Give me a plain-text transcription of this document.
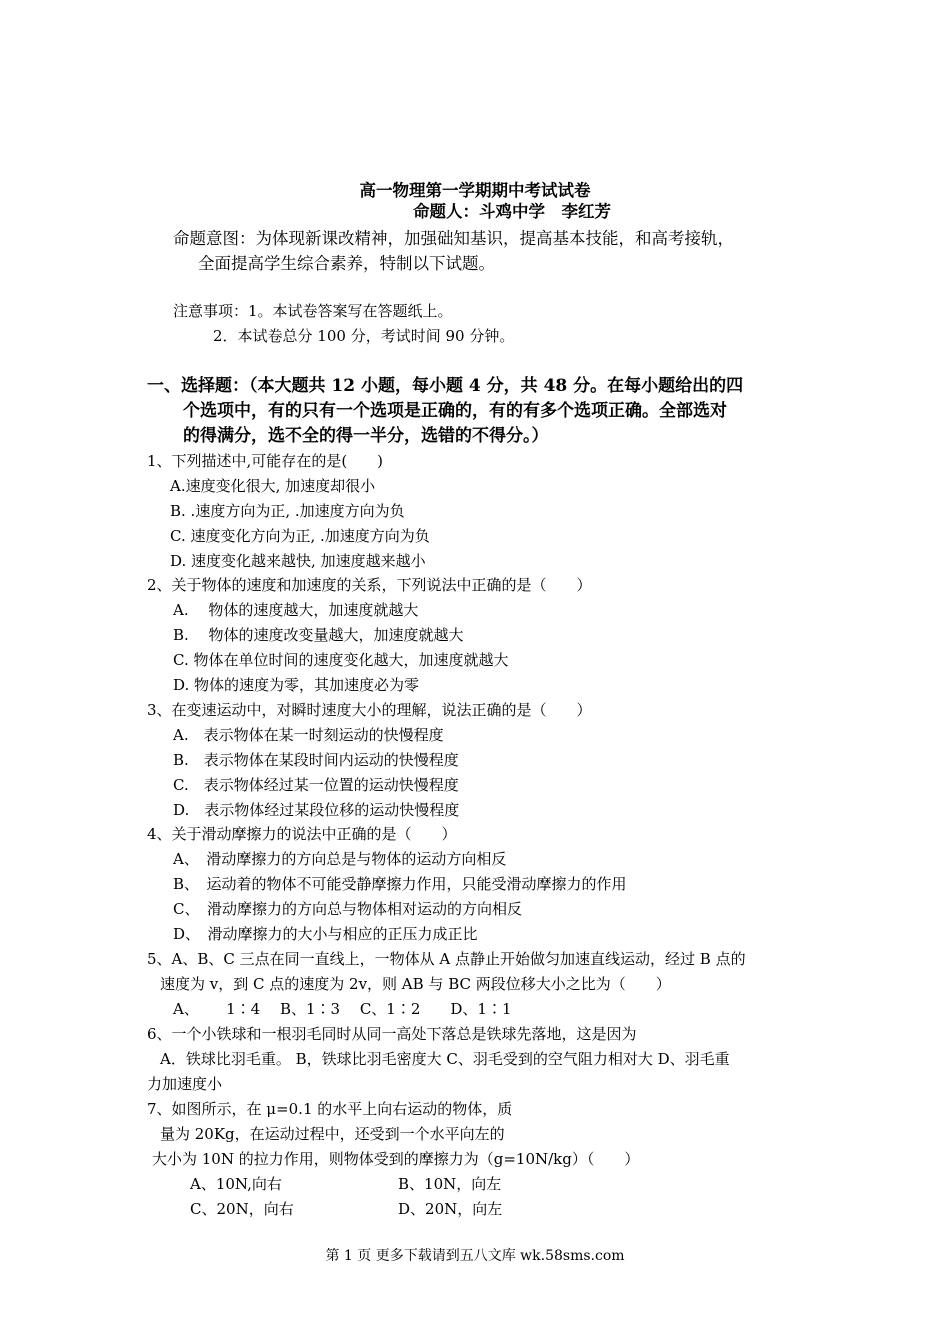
高一物理第一学期期中考试试卷
命题人：斗鸡中学　李红芳
命题意图：为体现新课改精神，加强础知基识，提高基本技能，和高考接轨，
全面提高学生综合素养，特制以下试题。
注意事项：1。本试卷答案写在答题纸上。
2．本试卷总分 100 分，考试时间 90 分钟。
一、选择题：（本大题共 12 小题，每小题 4 分，共 48 分。在每小题给出的四
个选项中，有的只有一个选项是正确的，有的有多个选项正确。全部选对
的得满分，选不全的得一半分，选错的不得分。）
1、下列描述中,可能存在的是(　　)
A.速度变化很大, 加速度却很小
B. .速度方向为正, .加速度方向为负
C. 速度变化方向为正, .加速度方向为负
D. 速度变化越来越快, 加速度越来越小
2、关于物体的速度和加速度的关系，下列说法中正确的是（　　）
A.　 物体的速度越大，加速度就越大
B.　 物体的速度改变量越大，加速度就越大
C. 物体在单位时间的速度变化越大，加速度就越大
D. 物体的速度为零，其加速度必为零
3、在变速运动中，对瞬时速度大小的理解，说法正确的是（　　）
A.　表示物体在某一时刻运动的快慢程度
B.　表示物体在某段时间内运动的快慢程度
C.　表示物体经过某一位置的运动快慢程度
D.　表示物体经过某段位移的运动快慢程度
4、关于滑动摩擦力的说法中正确的是（　　）
A、　滑动摩擦力的方向总是与物体的运动方向相反
B、　运动着的物体不可能受静摩擦力作用，只能受滑动摩擦力的作用
C、　滑动摩擦力的方向总与物体相对运动的方向相反
D、　滑动摩擦力的大小与相应的正压力成正比
5、A、B、C 三点在同一直线上，一物体从 A 点静止开始做匀加速直线运动，经过 B 点的
速度为 v，到 C 点的速度为 2v，则 AB 与 BC 两段位移大小之比为（　　）
A、　　 1∶4　 B、1∶3　 C、1∶2　　D、1∶1
6、一个小铁球和一根羽毛同时从同一高处下落总是铁球先落地，这是因为
A．铁球比羽毛重。 B，铁球比羽毛密度大 C、羽毛受到的空气阻力相对大 D、羽毛重
力加速度小
7、如图所示，在 μ=0.1 的水平上向右运动的物体，质
量为 20Kg，在运动过程中，还受到一个水平向左的
大小为 10N 的拉力作用，则物体受到的摩擦力为（g=10N/kg）（　　）
A、10N,向右	B、10N，向左
C、20N，向右	D、20N，向左
第 1 页 更多下载请到五八文库 wk.58sms.com
